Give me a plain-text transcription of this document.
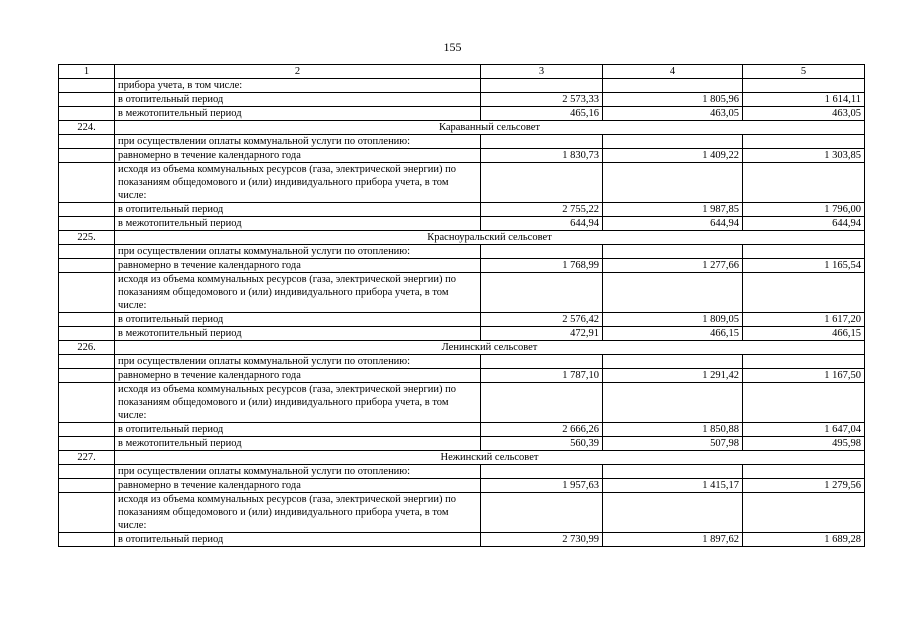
155
1	2	3	4	5
	прибора учета, в том числе:			
	в отопительный период	2 573,33	1 805,96	1 614,11
	в межотопительный период	465,16	463,05	463,05
224.	Караванный сельсовет			
	при осуществлении оплаты коммунальной услуги по отоплению:			
	равномерно в течение календарного года	1 830,73	1 409,22	1 303,85
	исходя из объема коммунальных ресурсов (газа, электрической энергии) по показаниям общедомового и (или) индивидуального прибора учета, в том числе:			
	в отопительный период	2 755,22	1 987,85	1 796,00
	в межотопительный период	644,94	644,94	644,94
225.	Красноуральский сельсовет			
	при осуществлении оплаты коммунальной услуги по отоплению:			
	равномерно в течение календарного года	1 768,99	1 277,66	1 165,54
	исходя из объема коммунальных ресурсов (газа, электрической энергии) по показаниям общедомового и (или) индивидуального прибора учета, в том числе:			
	в отопительный период	2 576,42	1 809,05	1 617,20
	в межотопительный период	472,91	466,15	466,15
226.	Ленинский сельсовет			
	при осуществлении оплаты коммунальной услуги по отоплению:			
	равномерно в течение календарного года	1 787,10	1 291,42	1 167,50
	исходя из объема коммунальных ресурсов (газа, электрической энергии) по показаниям общедомового и (или) индивидуального прибора учета, в том числе:			
	в отопительный период	2 666,26	1 850,88	1 647,04
	в межотопительный период	560,39	507,98	495,98
227.	Нежинский сельсовет			
	при осуществлении оплаты коммунальной услуги по отоплению:			
	равномерно в течение календарного года	1 957,63	1 415,17	1 279,56
	исходя из объема коммунальных ресурсов (газа, электрической энергии) по показаниям общедомового и (или) индивидуального прибора учета, в том числе:			
	в отопительный период	2 730,99	1 897,62	1 689,28
